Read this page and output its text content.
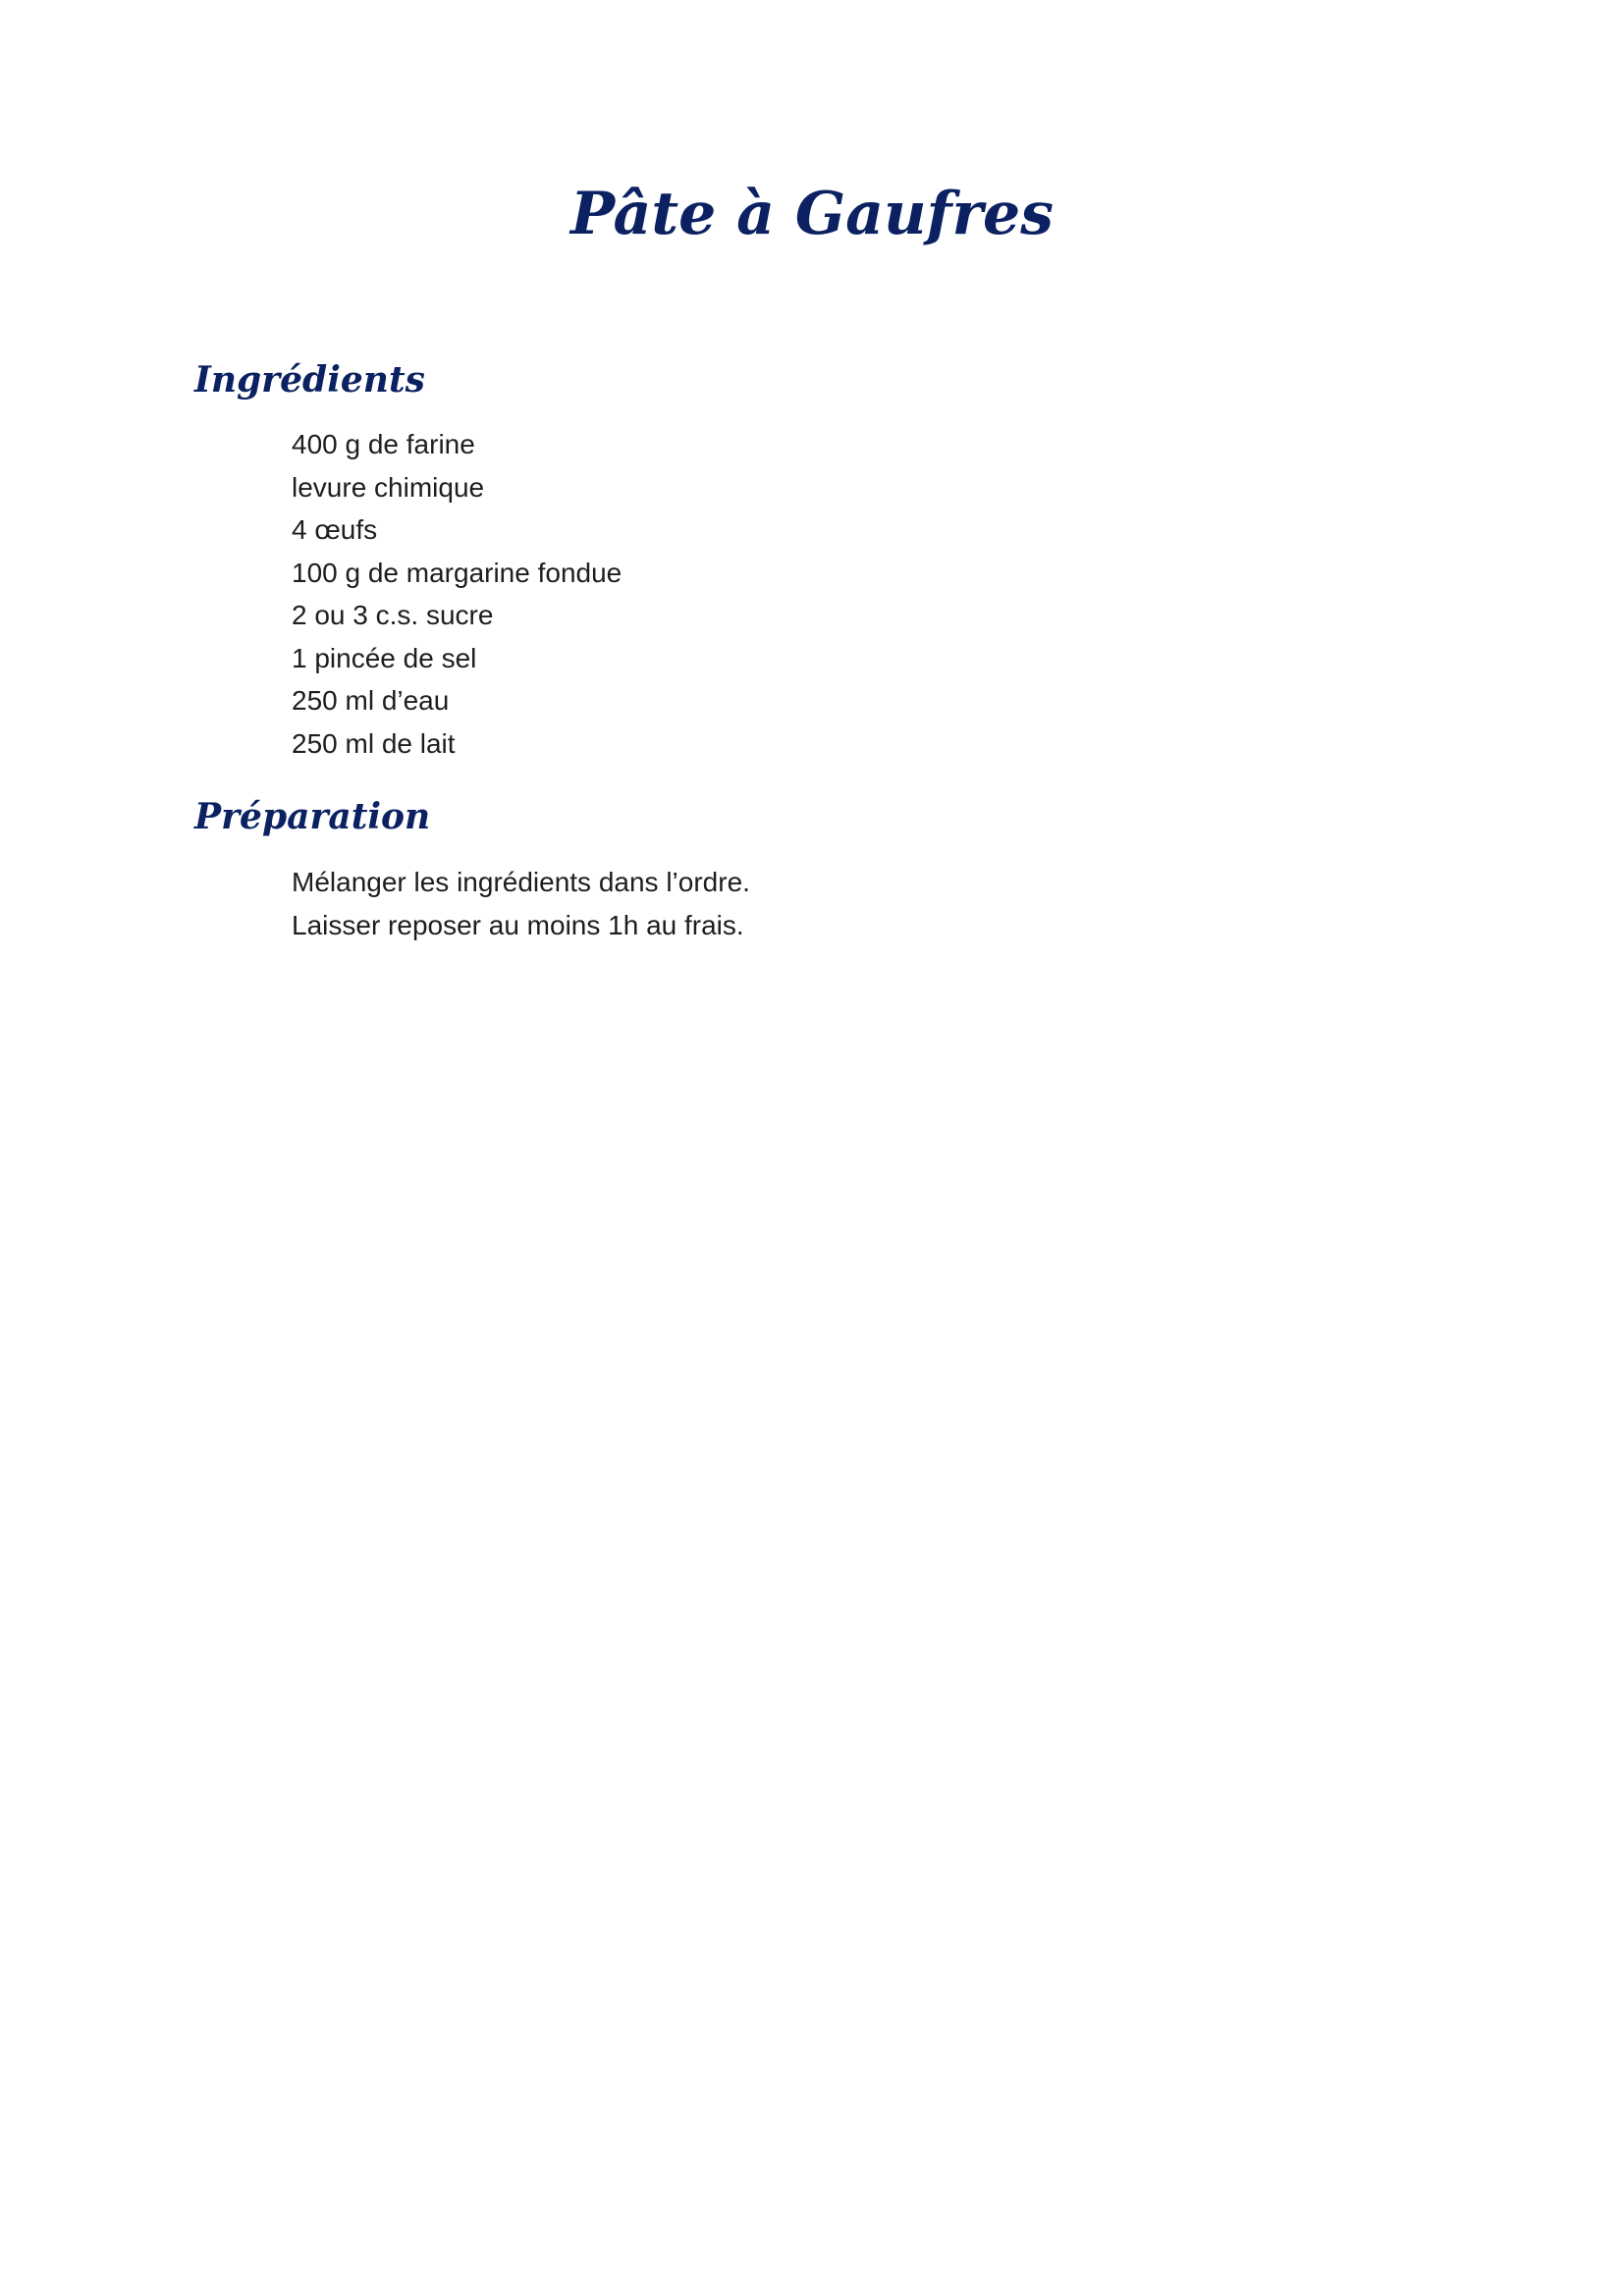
Pâte à Gaufres
Ingrédients
400 g de farine
levure chimique
4 œufs
100 g de margarine fondue
2 ou 3 c.s. sucre
1 pincée de sel
250 ml d’eau
250 ml de lait
Préparation
Mélanger les ingrédients dans l’ordre.
Laisser reposer au moins 1h au frais.
